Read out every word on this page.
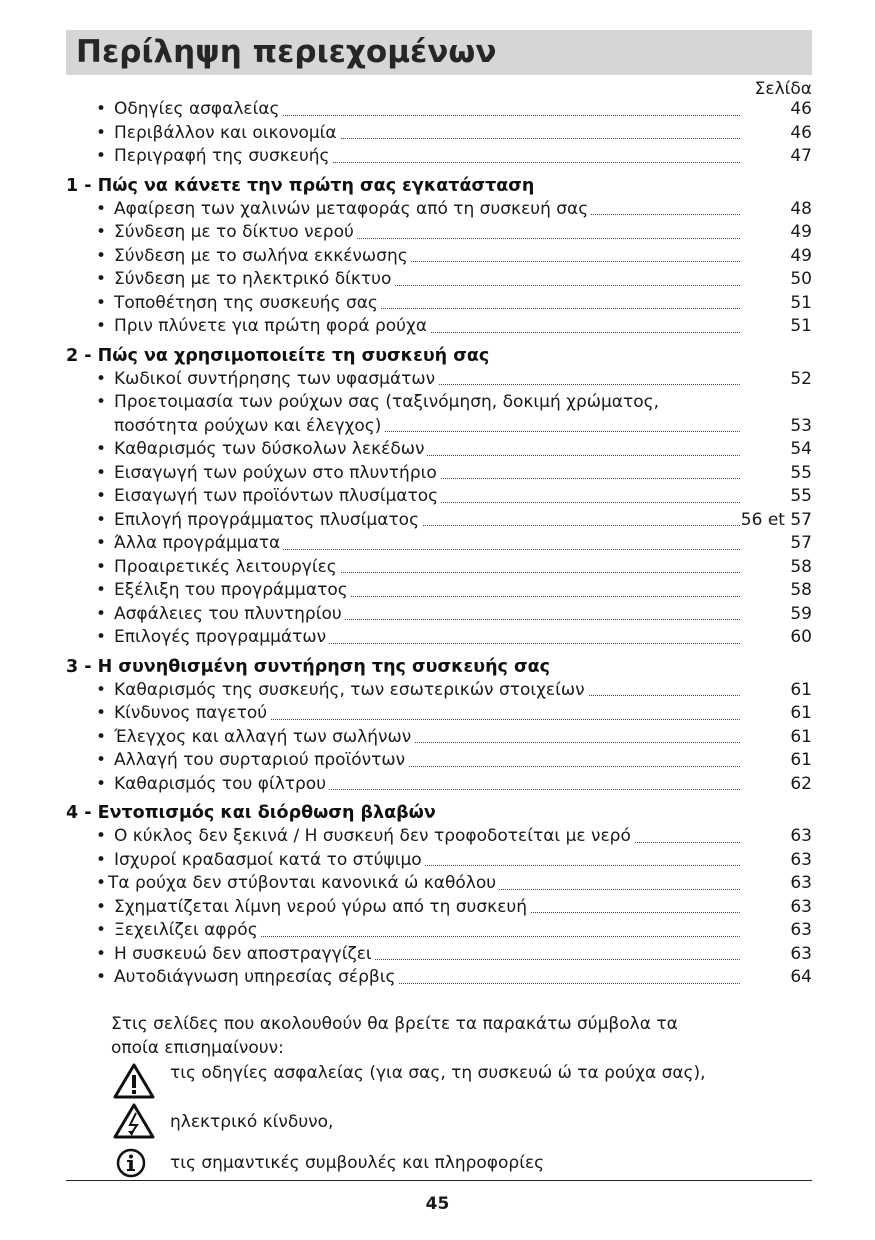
Περίληψη περιεχομένων
Σελίδα
• Οδηγίες ασφαλείας	46
• Περιβάλλον και οικονομία	46
• Περιγραφή της συσκευής	47
1 - Πώς να κάνετε την πρώτη σας εγκατάσταση
• Αφαίρεση των χαλινών μεταφοράς από τη συσκευή σας	48
• Σύνδεση με το δίκτυο νερού	49
• Σύνδεση με το σωλήνα εκκένωσης	49
• Σύνδεση με το ηλεκτρικό δίκτυο	50
• Τοποθέτηση της συσκευής σας	51
• Πριν πλύνετε για πρώτη φορά ρούχα	51
2 - Πώς να χρησιμοποιείτε τη συσκευή σας
• Κωδικοί συντήρησης των υφασμάτων	52
• Προετοιμασία των ρούχων σας (ταξινόμηση, δοκιμή χρώματος,
ποσότητα ρούχων και έλεγχος)	53
• Καθαρισμός των δύσκολων λεκέδων	54
• Εισαγωγή των ρούχων στο πλυντήριο	55
• Εισαγωγή των προϊόντων πλυσίματος	55
• Επιλογή προγράμματος πλυσίματος	56 et 57
• Άλλα προγράμματα	57
• Προαιρετικές λειτουργίες	58
• Εξέλιξη του προγράμματος	58
• Ασφάλειες του πλυντηρίου	59
• Επιλογές προγραμμάτων	60
3 - Η συνηθισμένη συντήρηση της συσκευής σας
• Καθαρισμός της συσκευής, των εσωτερικών στοιχείων	61
• Κίνδυνος παγετού	61
• Έλεγχος και αλλαγή των σωλήνων	61
• Αλλαγή του συρταριού προϊόντων	61
• Καθαρισμός του φίλτρου	62
4 - Εντοπισμός και διόρθωση βλαβών
• Ο κύκλος δεν ξεκινά / Η συσκευή δεν τροφοδοτείται με νερό	63
• Ισχυροί κραδασμοί κατά το στύψιμο	63
• Τα ρούχα δεν στύβονται κανονικά ώ καθόλου	63
• Σχηματίζεται λίμνη νερού γύρω από τη συσκευή	63
• Ξεχειλίζει αφρός	63
• Η συσκευώ δεν αποστραγγίζει	63
• Αυτοδιάγνωση υπηρεσίας σέρβις	64
Στις σελίδες που ακολουθούν θα βρείτε τα παρακάτω σύμβολα τα οποία επισημαίνουν:
τις οδηγίες ασφαλείας (για σας, τη συσκευώ ώ τα ρούχα σας),
ηλεκτρικό κίνδυνο,
τις σημαντικές συμβουλές και πληροφορίες
45
